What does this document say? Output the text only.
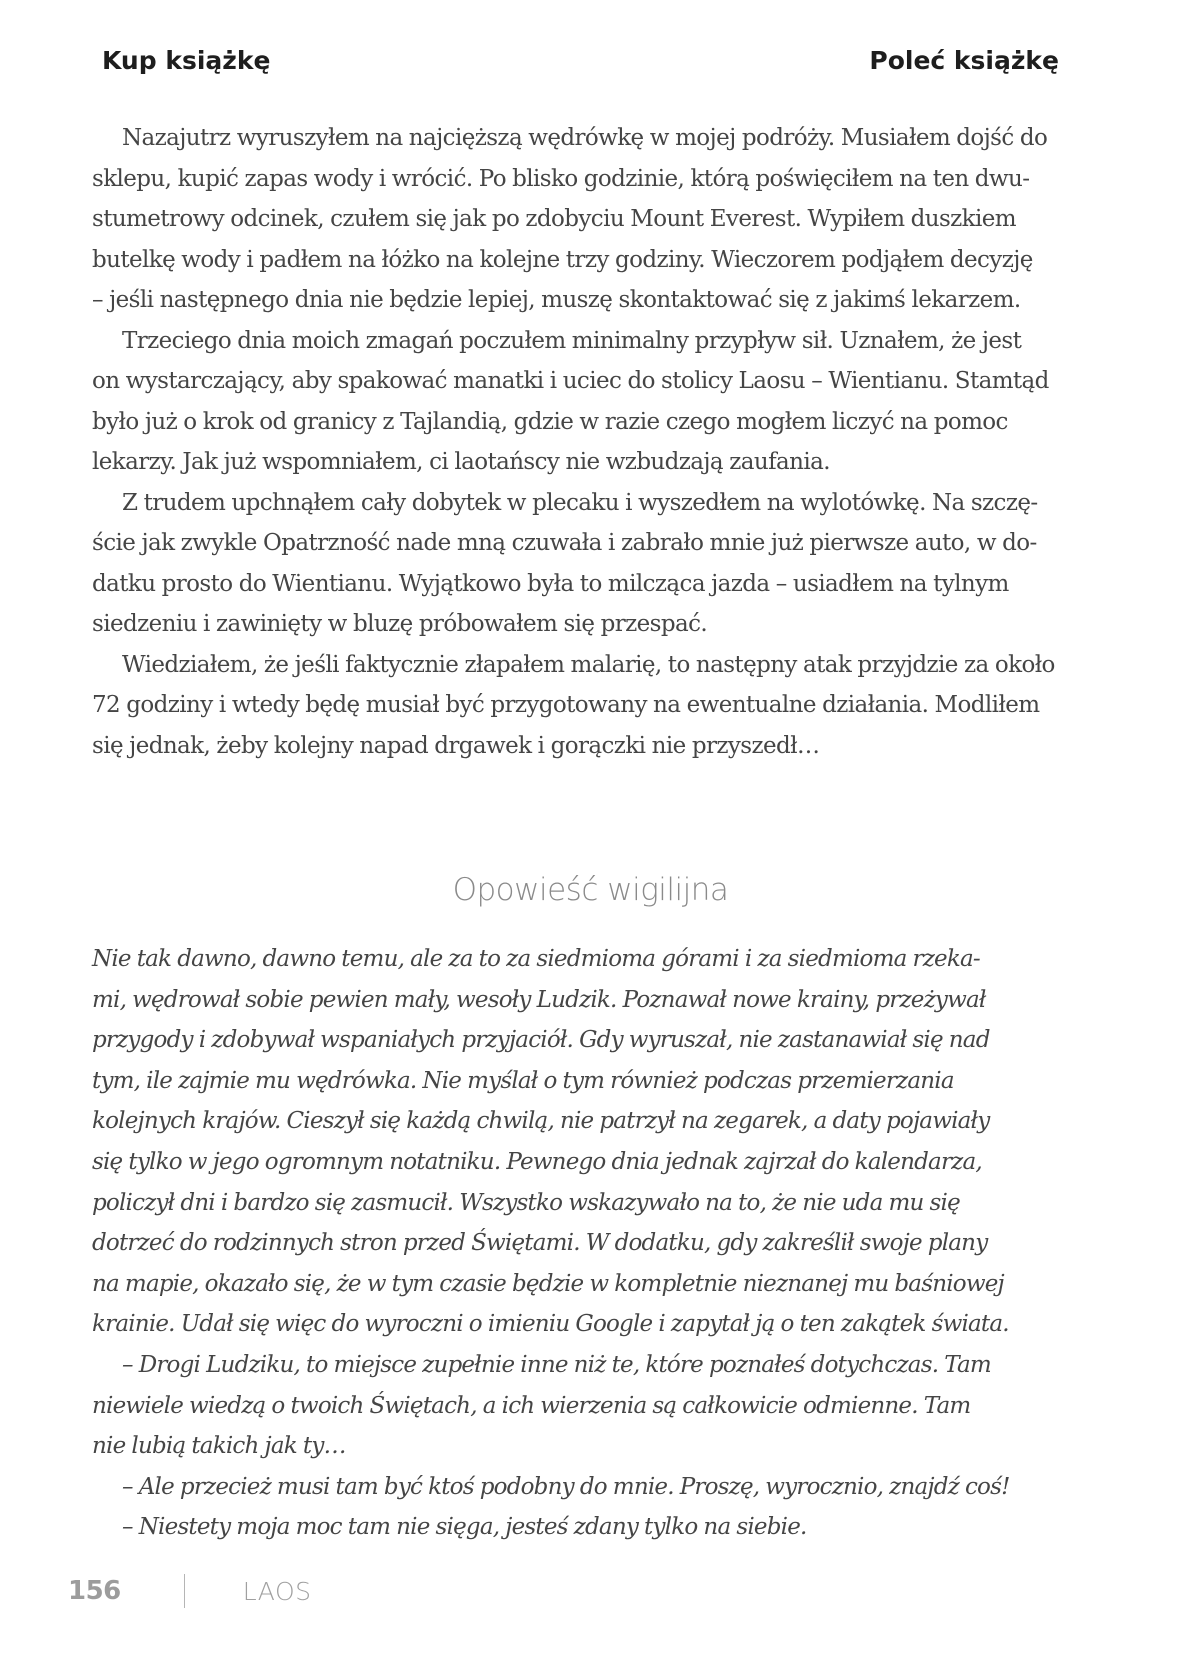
Kup książkę	Poleć książkę

Nazajutrz wyruszyłem na najcięższą wędrówkę w mojej podróży. Musiałem dojść do
sklepu, kupić zapas wody i wrócić. Po blisko godzinie, którą poświęciłem na ten dwu-
stumetrowy odcinek, czułem się jak po zdobyciu Mount Everest. Wypiłem duszkiem
butelkę wody i padłem na łóżko na kolejne trzy godziny. Wieczorem podjąłem decyzję
– jeśli następnego dnia nie będzie lepiej, muszę skontaktować się z jakimś lekarzem.

Trzeciego dnia moich zmagań poczułem minimalny przypływ sił. Uznałem, że jest
on wystarczający, aby spakować manatki i uciec do stolicy Laosu – Wientianu. Stamtąd
było już o krok od granicy z Tajlandią, gdzie w razie czego mogłem liczyć na pomoc
lekarzy. Jak już wspomniałem, ci laotańscy nie wzbudzają zaufania.

Z trudem upchnąłem cały dobytek w plecaku i wyszedłem na wylotówkę. Na szczę-
ście jak zwykle Opatrzność nade mną czuwała i zabrało mnie już pierwsze auto, w do-
datku prosto do Wientianu. Wyjątkowo była to milcząca jazda – usiadłem na tylnym
siedzeniu i zawinięty w bluzę próbowałem się przespać.

Wiedziałem, że jeśli faktycznie złapałem malarię, to następny atak przyjdzie za około
72 godziny i wtedy będę musiał być przygotowany na ewentualne działania. Modliłem
się jednak, żeby kolejny napad drgawek i gorączki nie przyszedł…

Opowieść wigilijna

Nie tak dawno, dawno temu, ale za to za siedmioma górami i za siedmioma rzeka-
mi, wędrował sobie pewien mały, wesoły Ludzik. Poznawał nowe krainy, przeżywał
przygody i zdobywał wspaniałych przyjaciół. Gdy wyruszał, nie zastanawiał się nad
tym, ile zajmie mu wędrówka. Nie myślał o tym również podczas przemierzania
kolejnych krajów. Cieszył się każdą chwilą, nie patrzył na zegarek, a daty pojawiały
się tylko w jego ogromnym notatniku. Pewnego dnia jednak zajrzał do kalendarza,
policzył dni i bardzo się zasmucił. Wszystko wskazywało na to, że nie uda mu się
dotrzeć do rodzinnych stron przed Świętami. W dodatku, gdy zakreślił swoje plany
na mapie, okazało się, że w tym czasie będzie w kompletnie nieznanej mu baśniowej
krainie. Udał się więc do wyroczni o imieniu Google i zapytał ją o ten zakątek świata.

– Drogi Ludziku, to miejsce zupełnie inne niż te, które poznałeś dotychczas. Tam
niewiele wiedzą o twoich Świętach, a ich wierzenia są całkowicie odmienne. Tam
nie lubią takich jak ty…

– Ale przecież musi tam być ktoś podobny do mnie. Proszę, wyrocznio, znajdź coś!

– Niestety moja moc tam nie sięga, jesteś zdany tylko na siebie.

156	LAOS
